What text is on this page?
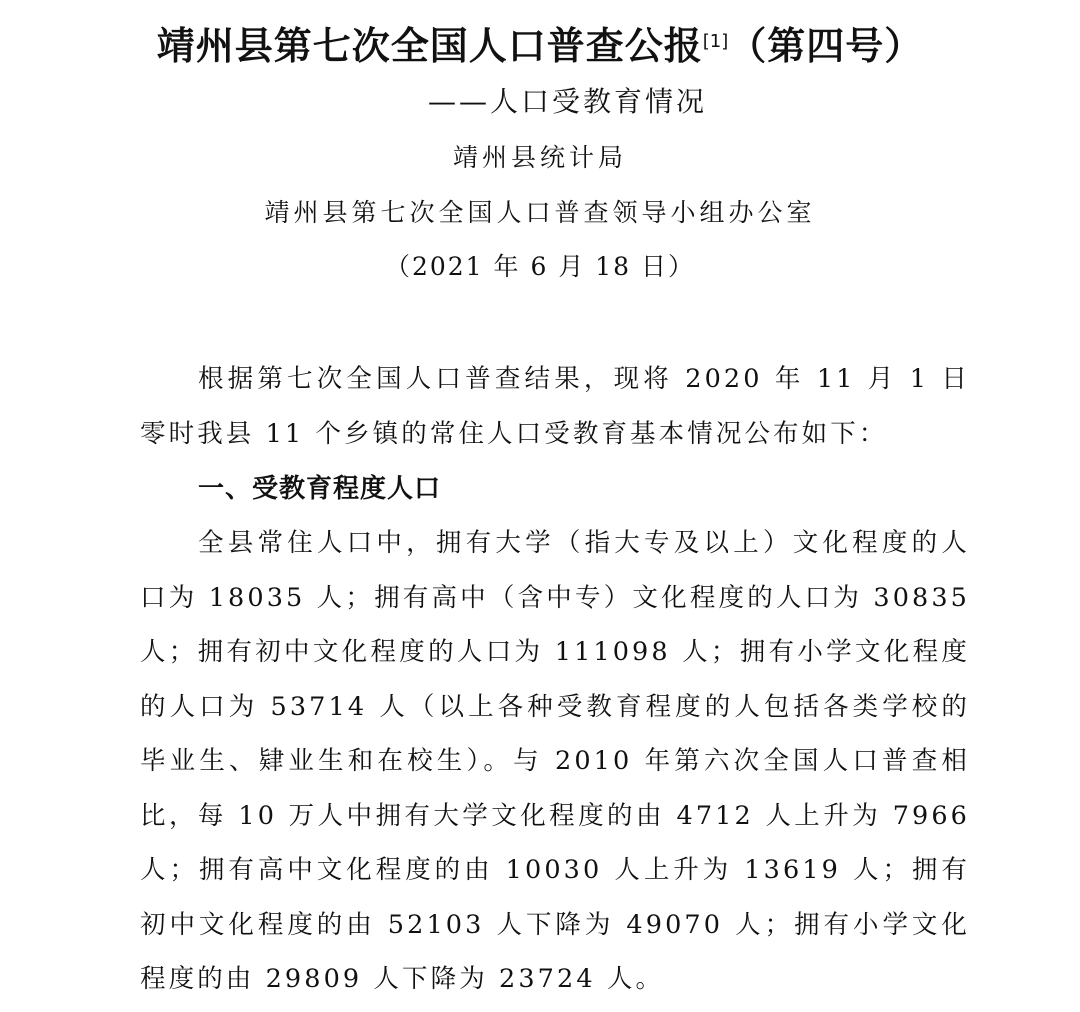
靖州县第七次全国人口普查公报[1]（第四号）
——人口受教育情况
靖州县统计局
靖州县第七次全国人口普查领导小组办公室
（2021 年 6 月 18 日）
根据第七次全国人口普查结果，现将 2020 年 11 月 1 日零时我县 11 个乡镇的常住人口受教育基本情况公布如下：
一、受教育程度人口
全县常住人口中，拥有大学（指大专及以上）文化程度的人口为 18035 人；拥有高中（含中专）文化程度的人口为 30835 人；拥有初中文化程度的人口为 111098 人；拥有小学文化程度的人口为 53714 人（以上各种受教育程度的人包括各类学校的毕业生、肄业生和在校生）。与 2010 年第六次全国人口普查相比，每 10 万人中拥有大学文化程度的由 4712 人上升为 7966 人；拥有高中文化程度的由 10030 人上升为 13619 人；拥有初中文化程度的由 52103 人下降为 49070 人；拥有小学文化程度的由 29809 人下降为 23724 人。
